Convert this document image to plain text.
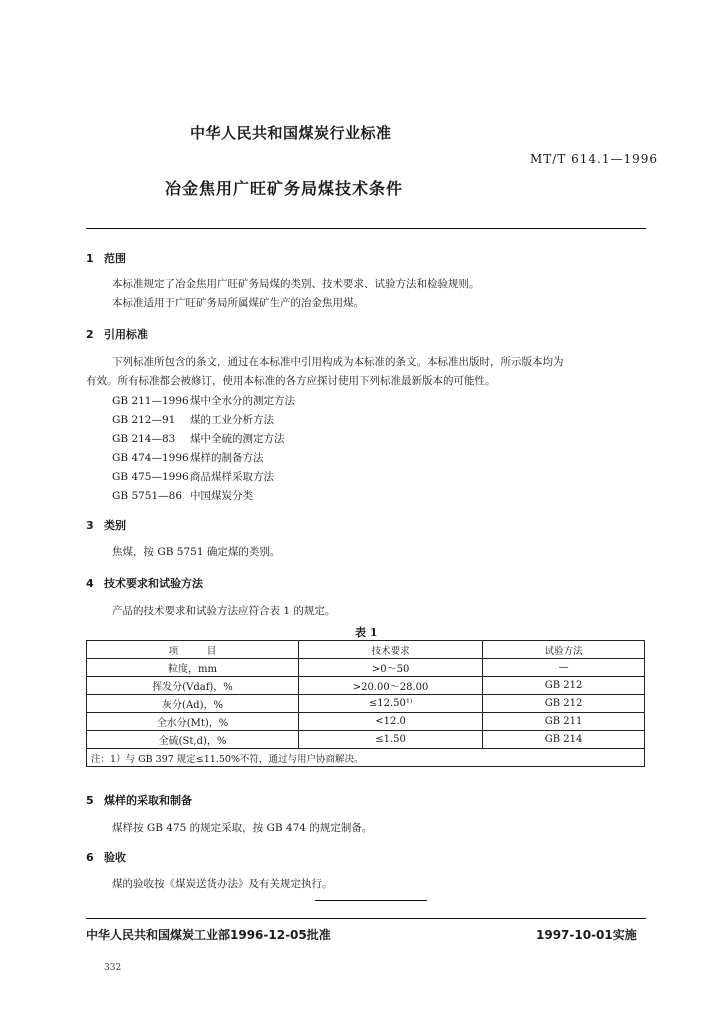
中华人民共和国煤炭行业标准
MT/T 614.1—1996
冶金焦用广旺矿务局煤技术条件
1 范围
本标准规定了冶金焦用广旺矿务局煤的类别、技术要求、试验方法和检验规则。
本标准适用于广旺矿务局所属煤矿生产的冶金焦用煤。
2 引用标准
下列标准所包含的条文，通过在本标准中引用构成为本标准的条文。本标准出版时，所示版本均为
有效。所有标准都会被修订，使用本标准的各方应探讨使用下列标准最新版本的可能性。
GB 211—1996煤中全水分的测定方法
GB 212—91 煤的工业分析方法
GB 214—83 煤中全硫的测定方法
GB 474—1996煤样的制备方法
GB 475—1996商品煤样采取方法
GB 5751—86 中国煤炭分类
3 类别
焦煤，按 GB 5751 确定煤的类别。
4 技术要求和试验方法
产品的技术要求和试验方法应符合表 1 的规定。
表 1
项　　　目	技术要求	试验方法
粒度，mm	>0～50	—
挥发分(Vdaf)，%	>20.00～28.00	GB 212
灰分(Ad)，%	≤12.50¹⁾	GB 212
全水分(Mt)，%	<12.0	GB 211
全硫(St,d)，%	≤1.50	GB 214
注：1）与 GB 397 规定≤11.50%不符，通过与用户协商解决。		
5 煤样的采取和制备
煤样按 GB 475 的规定采取，按 GB 474 的规定制备。
6 验收
煤的验收按《煤炭送货办法》及有关规定执行。
中华人民共和国煤炭工业部1996-12-05批准	1997-10-01实施
332
